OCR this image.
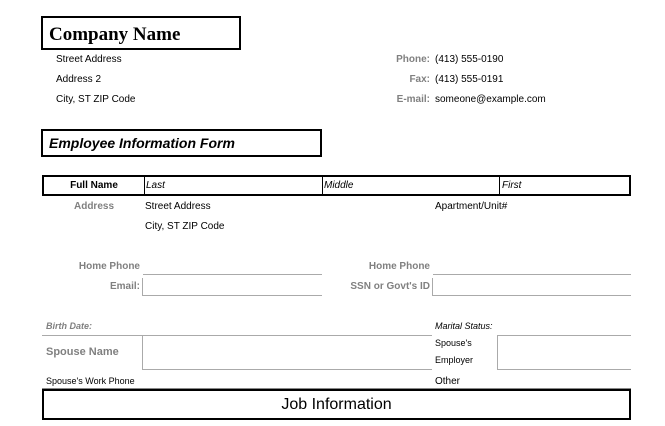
Company Name
Street Address
Address 2
City, ST ZIP Code
Phone: (413) 555-0190
Fax: (413) 555-0191
E-mail: someone@example.com
Employee Information Form
Full Name	Last	Middle	First
Address	Street Address	Apartment/Unit#
City, ST ZIP Code
Home Phone	Home Phone
Email:	SSN or Govt's ID
Birth Date:	Marital Status:
Spouse Name
Spouse's
Employer
Spouse's Work Phone	Other
Job Information
